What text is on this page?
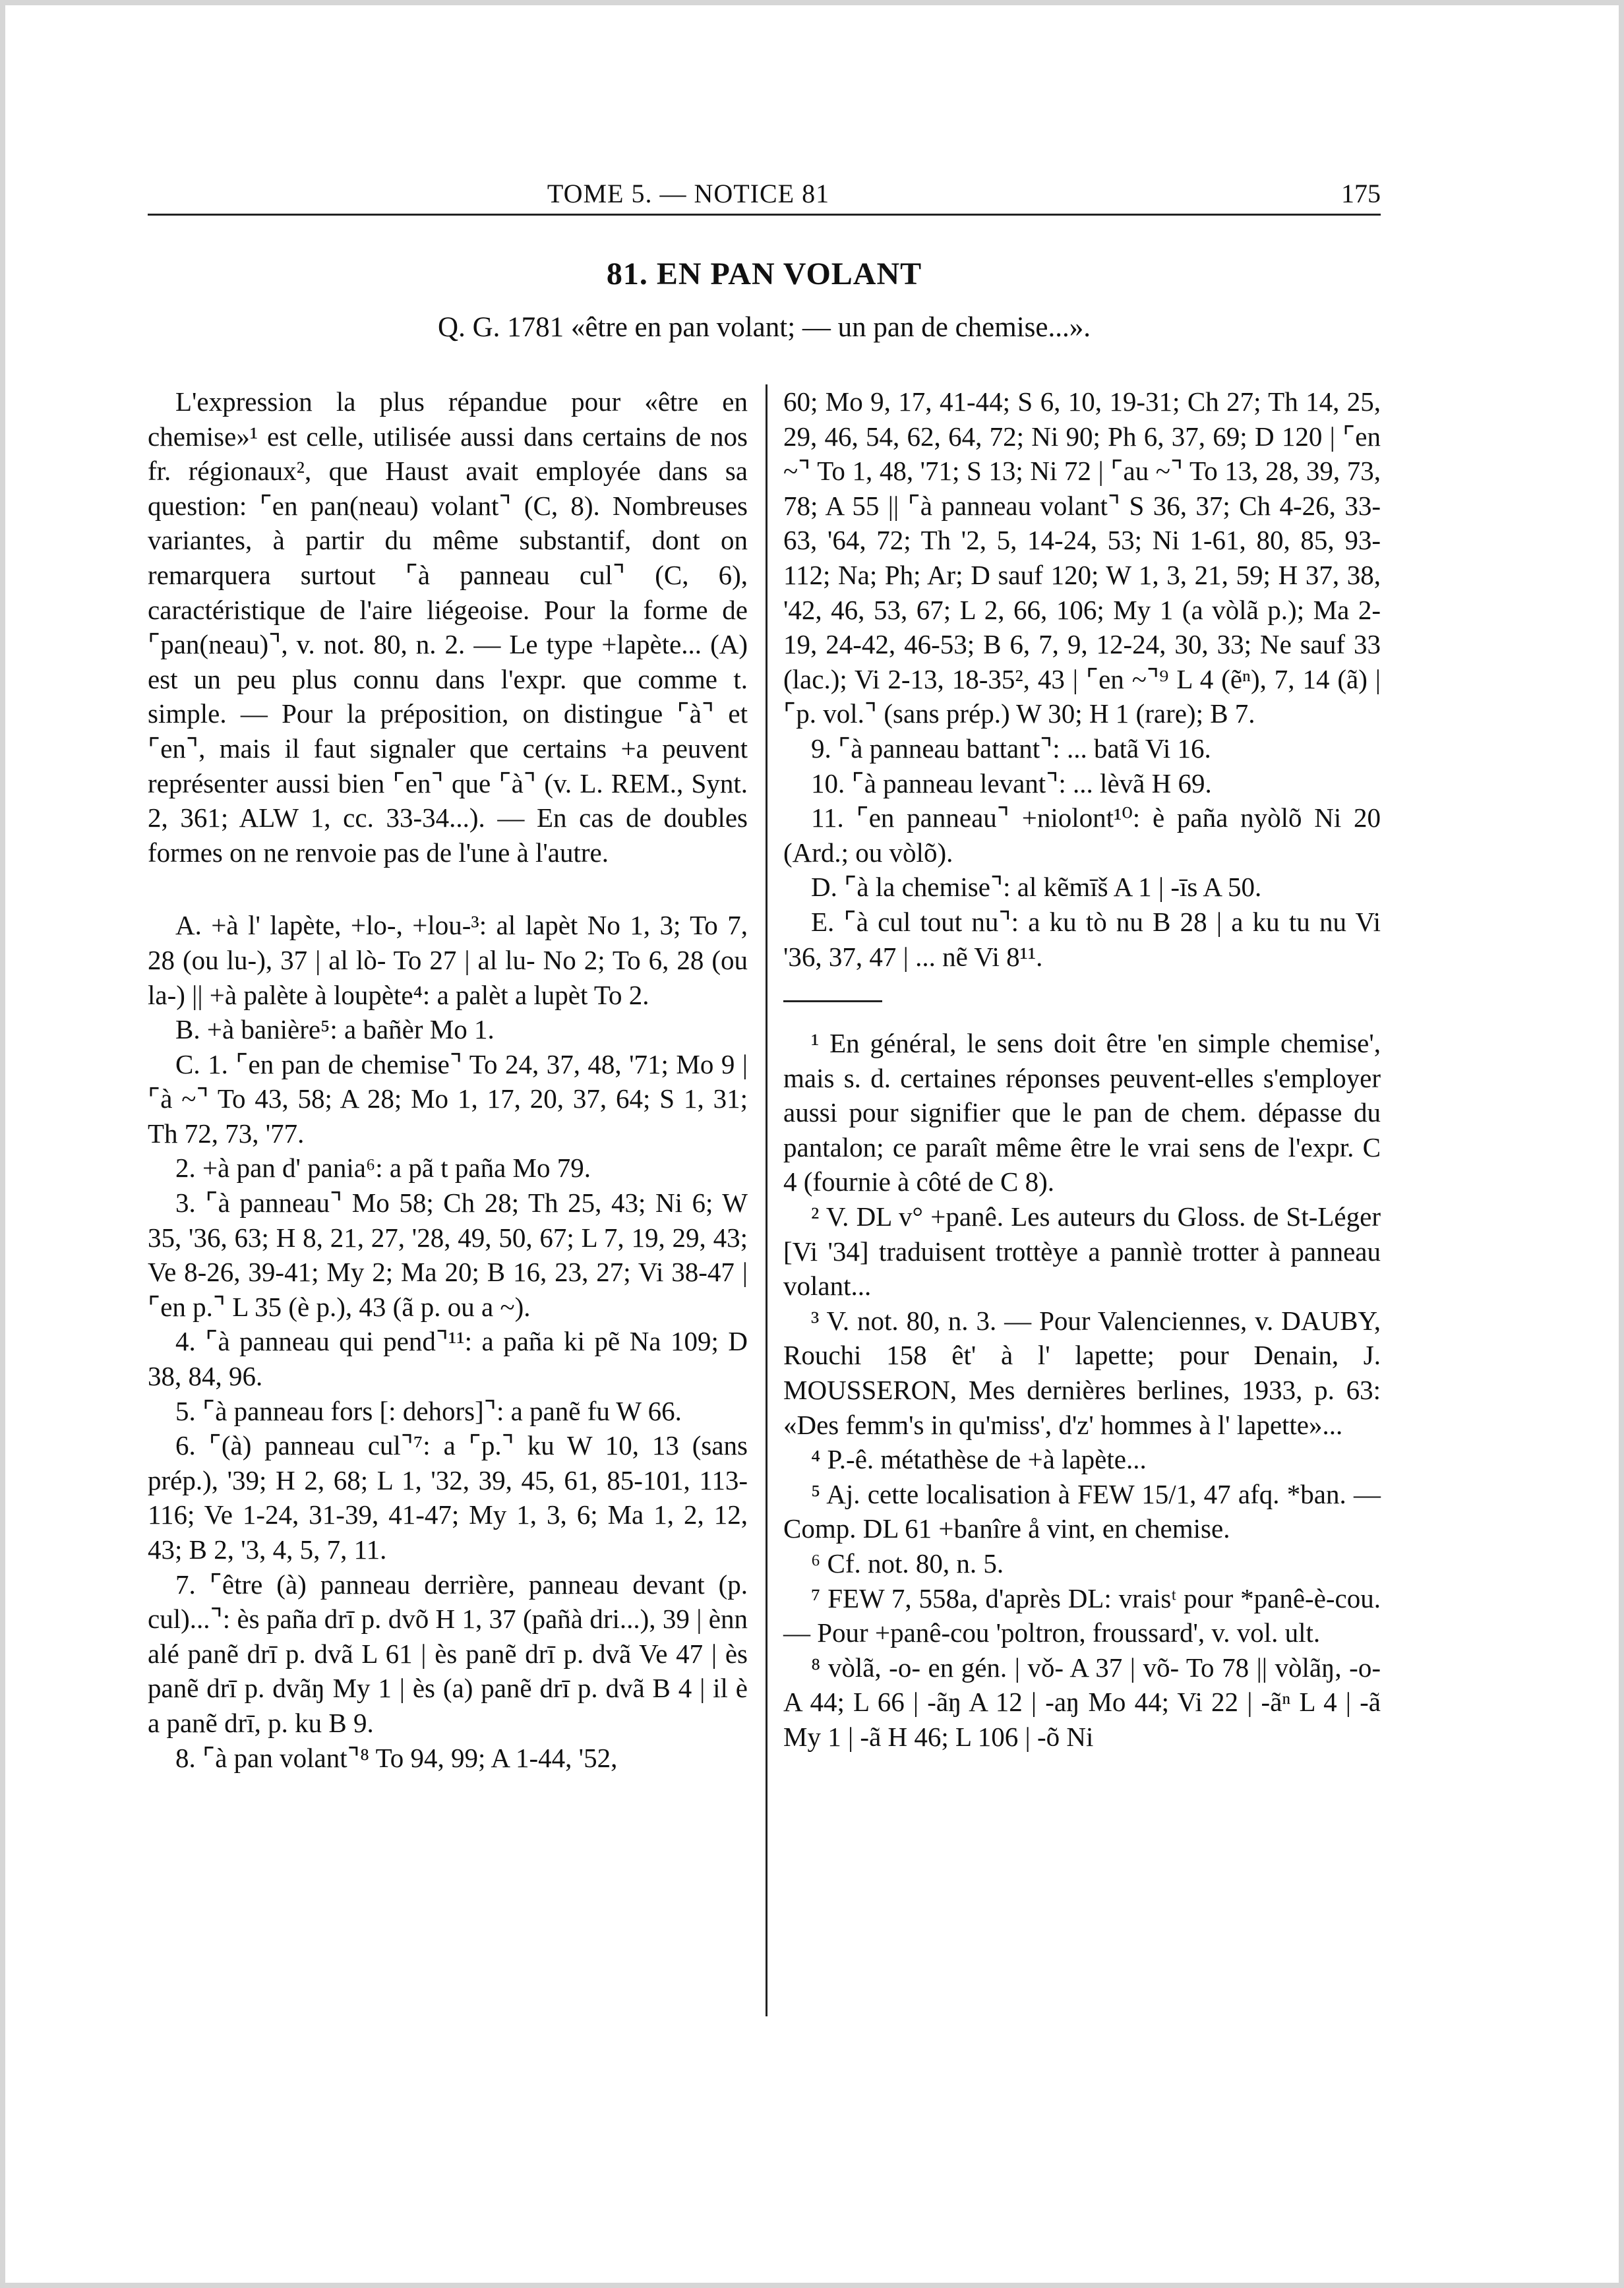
TOME 5. — NOTICE 81	175
81. EN PAN VOLANT
Q. G. 1781 «être en pan volant; — un pan de chemise...».

L'expression la plus répandue pour «être en chemise»¹ est celle, utilisée aussi dans certains de nos fr. régionaux², que Haust avait employée dans sa question: ⌜en pan(neau) volant⌝ (C, 8). Nombreuses variantes, à partir du même substantif, dont on remarquera surtout ⌜à panneau cul⌝ (C, 6), caractéristique de l'aire liégeoise. Pour la forme de ⌜pan(neau)⌝, v. not. 80, n. 2. — Le type +lapète... (A) est un peu plus connu dans l'expr. que comme t. simple. — Pour la préposition, on distingue ⌜à⌝ et ⌜en⌝, mais il faut signaler que certains +a peuvent représenter aussi bien ⌜en⌝ que ⌜à⌝ (v. L. REM., Synt. 2, 361; ALW 1, cc. 33-34...). — En cas de doubles formes on ne renvoie pas de l'une à l'autre.

A. +à l' lapète, +lo-, +lou-³: al lapèt No 1, 3; To 7, 28 (ou lu-), 37 | al lò- To 27 | al lu- No 2; To 6, 28 (ou la-) || +à palète à loupète⁴: a palèt a lupèt To 2.

B. +à banière⁵: a bañèr Mo 1.

C. 1. ⌜en pan de chemise⌝ To 24, 37, 48, '71; Mo 9 | ⌜à ~⌝ To 43, 58; A 28; Mo 1, 17, 20, 37, 64; S 1, 31; Th 72, 73, '77.

2. +à pan d' pania⁶: a pã t paña Mo 79.

3. ⌜à panneau⌝ Mo 58; Ch 28; Th 25, 43; Ni 6; W 35, '36, 63; H 8, 21, 27, '28, 49, 50, 67; L 7, 19, 29, 43; Ve 8-26, 39-41; My 2; Ma 20; B 16, 23, 27; Vi 38-47 | ⌜en p.⌝ L 35 (è p.), 43 (ã p. ou a ~).

4. ⌜à panneau qui pend⌝¹¹: a paña ki pẽ Na 109; D 38, 84, 96.

5. ⌜à panneau fors [: dehors]⌝: a panẽ fu W 66.

6. ⌜(à) panneau cul⌝⁷: a ⌜p.⌝ ku W 10, 13 (sans prép.), '39; H 2, 68; L 1, '32, 39, 45, 61, 85-101, 113-116; Ve 1-24, 31-39, 41-47; My 1, 3, 6; Ma 1, 2, 12, 43; B 2, '3, 4, 5, 7, 11.

7. ⌜être (à) panneau derrière, panneau devant (p. cul)...⌝: ès paña drī p. dvõ H 1, 37 (pañà dri...), 39 | ènn alé panẽ drī p. dvã L 61 | ès panẽ drī p. dvã Ve 47 | ès panẽ drī p. dvãŋ My 1 | ès (a) panẽ drī p. dvã B 4 | il è a panẽ drī, p. ku B 9.

8. ⌜à pan volant⌝⁸ To 94, 99; A 1-44, '52,

60; Mo 9, 17, 41-44; S 6, 10, 19-31; Ch 27; Th 14, 25, 29, 46, 54, 62, 64, 72; Ni 90; Ph 6, 37, 69; D 120 | ⌜en ~⌝ To 1, 48, '71; S 13; Ni 72 | ⌜au ~⌝ To 13, 28, 39, 73, 78; A 55 || ⌜à panneau volant⌝ S 36, 37; Ch 4-26, 33-63, '64, 72; Th '2, 5, 14-24, 53; Ni 1-61, 80, 85, 93-112; Na; Ph; Ar; D sauf 120; W 1, 3, 21, 59; H 37, 38, '42, 46, 53, 67; L 2, 66, 106; My 1 (a vòlã p.); Ma 2-19, 24-42, 46-53; B 6, 7, 9, 12-24, 30, 33; Ne sauf 33 (lac.); Vi 2-13, 18-35², 43 | ⌜en ~⌝⁹ L 4 (ẽⁿ), 7, 14 (ã) | ⌜p. vol.⌝ (sans prép.) W 30; H 1 (rare); B 7.

9. ⌜à panneau battant⌝: ... batã Vi 16.

10. ⌜à panneau levant⌝: ... lèvã H 69.

11. ⌜en panneau⌝ +niolont¹⁰: è paña nyòlõ Ni 20 (Ard.; ou vòlõ).

D. ⌜à la chemise⌝: al kẽmīš A 1 | -īs A 50.

E. ⌜à cul tout nu⌝: a ku tò nu B 28 | a ku tu nu Vi '36, 37, 47 | ... nẽ Vi 8¹¹.

¹ En général, le sens doit être 'en simple chemise', mais s. d. certaines réponses peuvent-elles s'employer aussi pour signifier que le pan de chem. dépasse du pantalon; ce paraît même être le vrai sens de l'expr. C 4 (fournie à côté de C 8).

² V. DL v° +panê. Les auteurs du Gloss. de St-Léger [Vi '34] traduisent trottèye a pannìè trotter à panneau volant...

³ V. not. 80, n. 3. — Pour Valenciennes, v. DAUBY, Rouchi 158 êt' à l' lapette; pour Denain, J. MOUSSERON, Mes dernières berlines, 1933, p. 63: «Des femm's in qu'miss', d'z' hommes à l' lapette»...

⁴ P.-ê. métathèse de +à lapète...

⁵ Aj. cette localisation à FEW 15/1, 47 afq. *ban. — Comp. DL 61 +banîre å vint, en chemise.

⁶ Cf. not. 80, n. 5.

⁷ FEW 7, 558a, d'après DL: vraisᵗ pour *panê-è-cou. — Pour +panê-cou 'poltron, froussard', v. vol. ult.

⁸ vòlã, -o- en gén. | vǒ- A 37 | võ- To 78 || vòlãŋ, -o- A 44; L 66 | -ãŋ A 12 | -aŋ Mo 44; Vi 22 | -ãⁿ L 4 | -ã My 1 | -ã H 46; L 106 | -õ Ni
